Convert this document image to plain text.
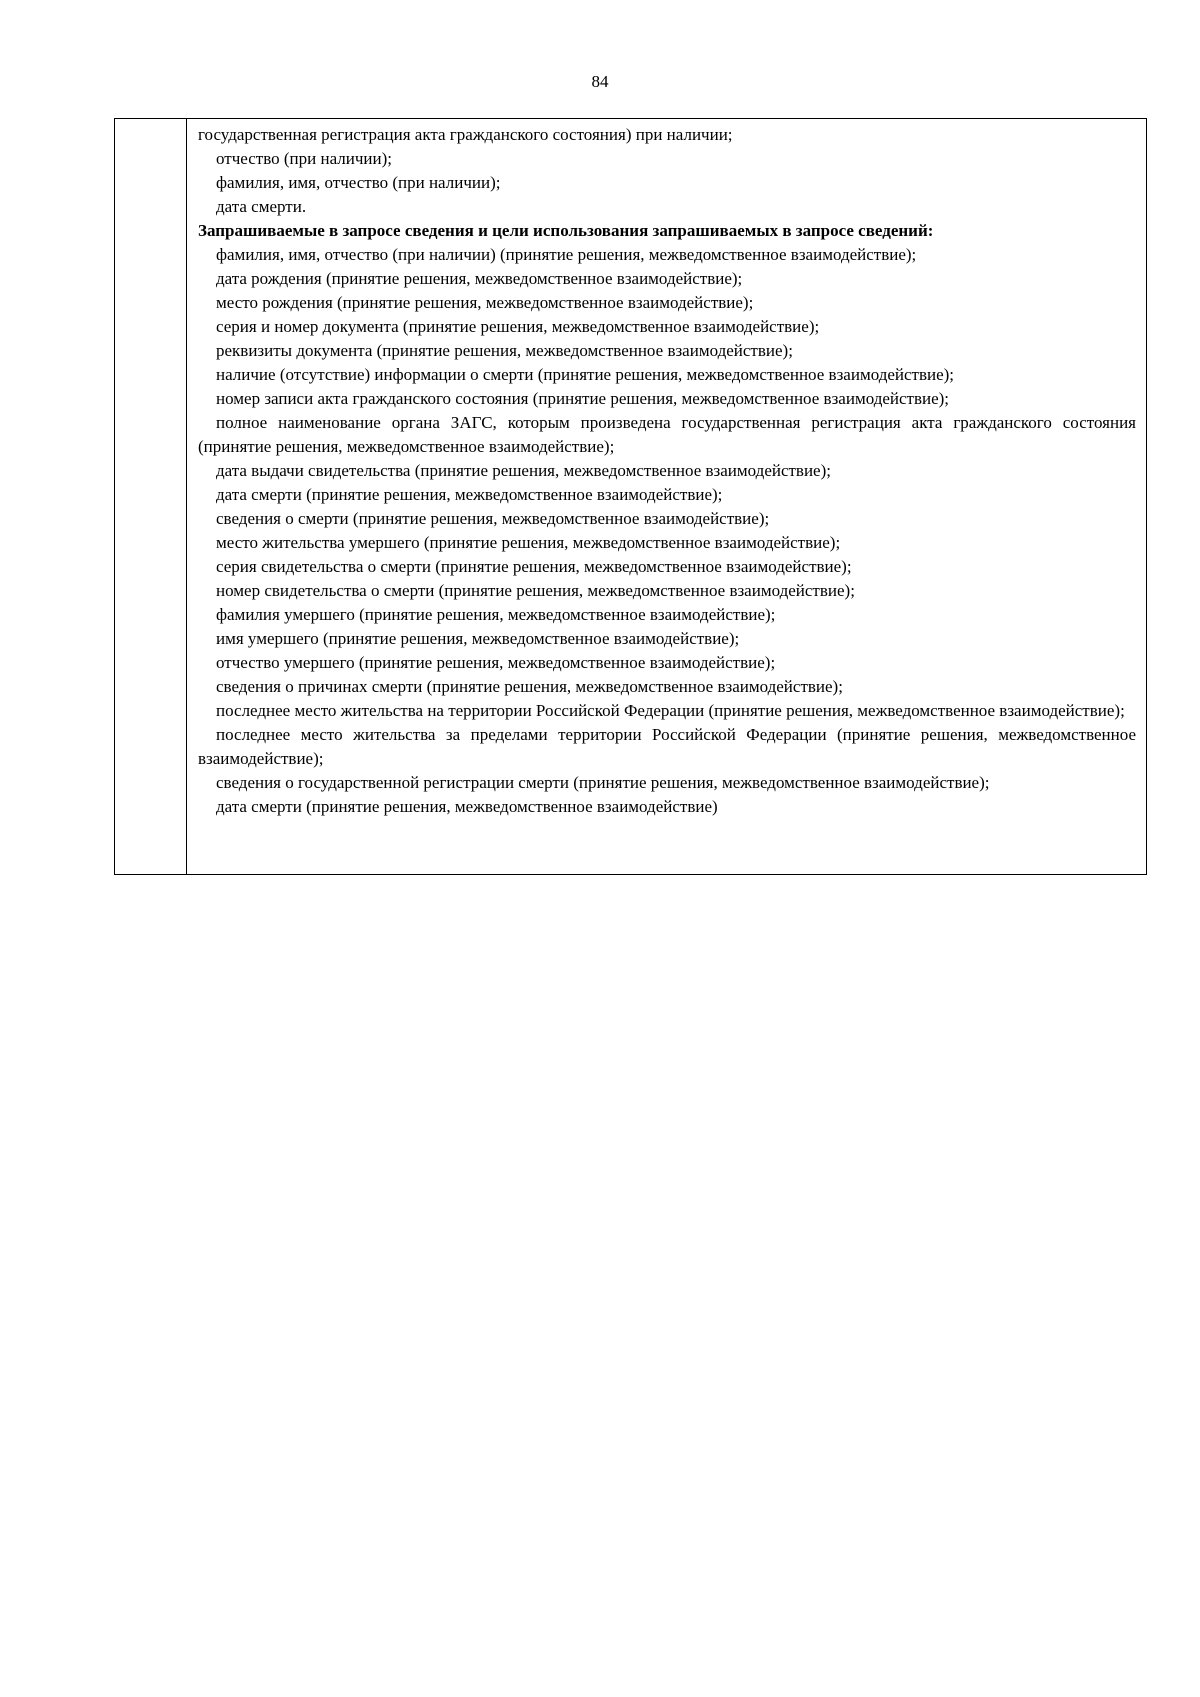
84

государственная регистрация акта гражданского состояния) при наличии;

отчество (при наличии);

фамилия, имя, отчество (при наличии);

дата смерти.

Запрашиваемые в запросе сведения и цели использования запрашиваемых в запросе сведений:

фамилия, имя, отчество (при наличии) (принятие решения, межведомственное взаимодействие);

дата рождения (принятие решения, межведомственное взаимодействие);

место рождения (принятие решения, межведомственное взаимодействие);

серия и номер документа (принятие решения, межведомственное взаимодействие);

реквизиты документа (принятие решения, межведомственное взаимодействие);

наличие (отсутствие) информации о смерти (принятие решения, межведомственное взаимодействие);

номер записи акта гражданского состояния (принятие решения, межведомственное взаимодействие);

полное наименование органа ЗАГС, которым произведена государственная регистрация акта гражданского состояния (принятие решения, межведомственное взаимодействие);

дата выдачи свидетельства (принятие решения, межведомственное взаимодействие);

дата смерти (принятие решения, межведомственное взаимодействие);

сведения о смерти (принятие решения, межведомственное взаимодействие);

место жительства умершего (принятие решения, межведомственное взаимодействие);

серия свидетельства о смерти (принятие решения, межведомственное взаимодействие);

номер свидетельства о смерти (принятие решения, межведомственное взаимодействие);

фамилия умершего (принятие решения, межведомственное взаимодействие);

имя умершего (принятие решения, межведомственное взаимодействие);

отчество умершего (принятие решения, межведомственное взаимодействие);

сведения о причинах смерти (принятие решения, межведомственное взаимодействие);

последнее место жительства на территории Российской Федерации (принятие решения, межведомственное взаимодействие);

последнее место жительства за пределами территории Российской Федерации (принятие решения, межведомственное взаимодействие);

сведения о государственной регистрации смерти (принятие решения, межведомственное взаимодействие);

дата смерти (принятие решения, межведомственное взаимодействие)
